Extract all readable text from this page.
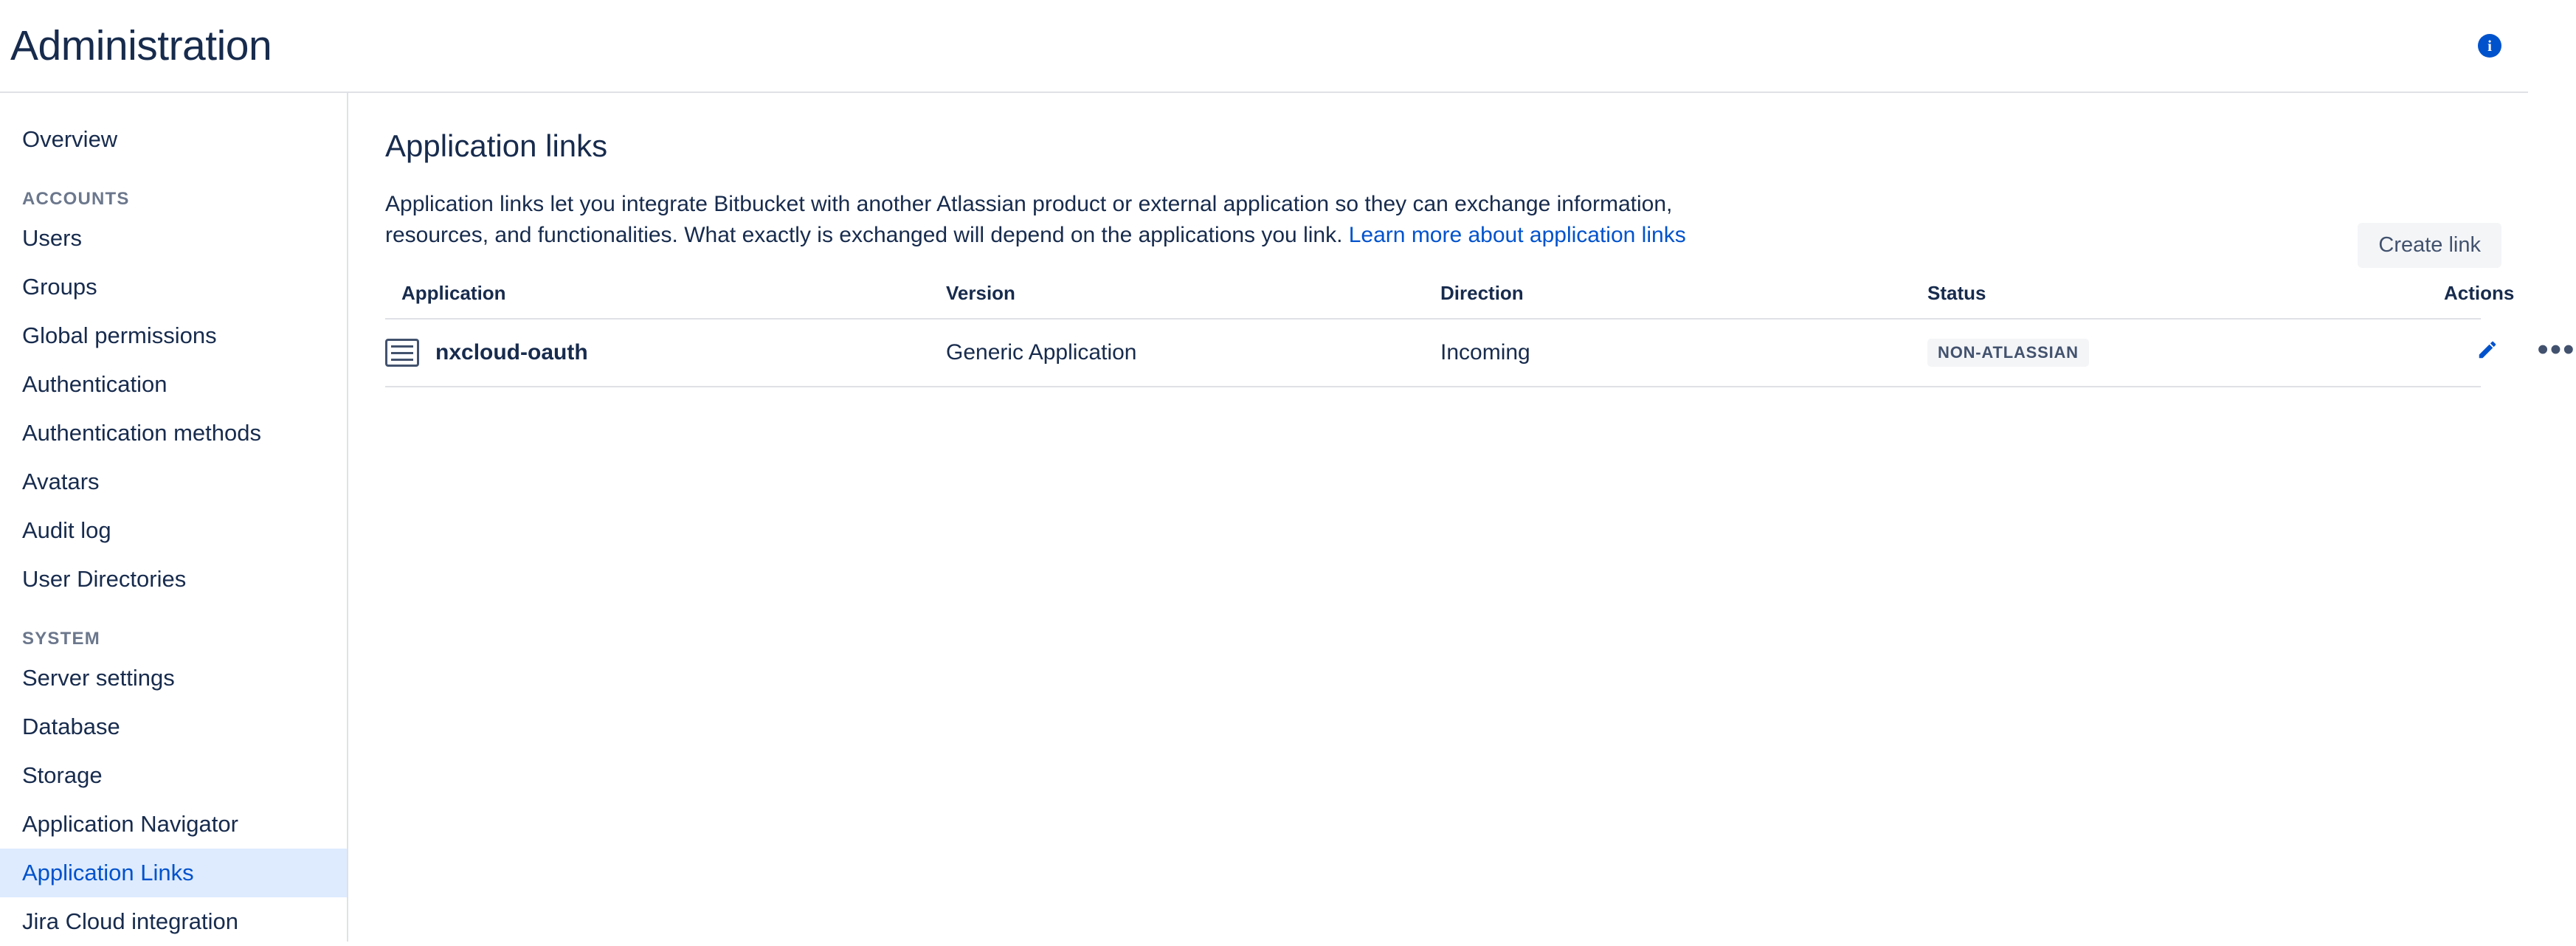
Administration	i
Overview
ACCOUNTS
Users
Groups
Global permissions
Authentication
Authentication methods
Avatars
Audit log
User Directories
SYSTEM
Server settings
Database
Storage
Application Navigator
Application Links
Jira Cloud integration
Application links
Create link

Application links let you integrate Bitbucket with another Atlassian product or external application so they can exchange information, resources, and functionalities. What exactly is exchanged will depend on the applications you link. Learn more about application links

Application	Version	Direction	Status	Actions

nxcloud-oauth	Generic Application	Incoming	NON-ATLASSIAN	•••
